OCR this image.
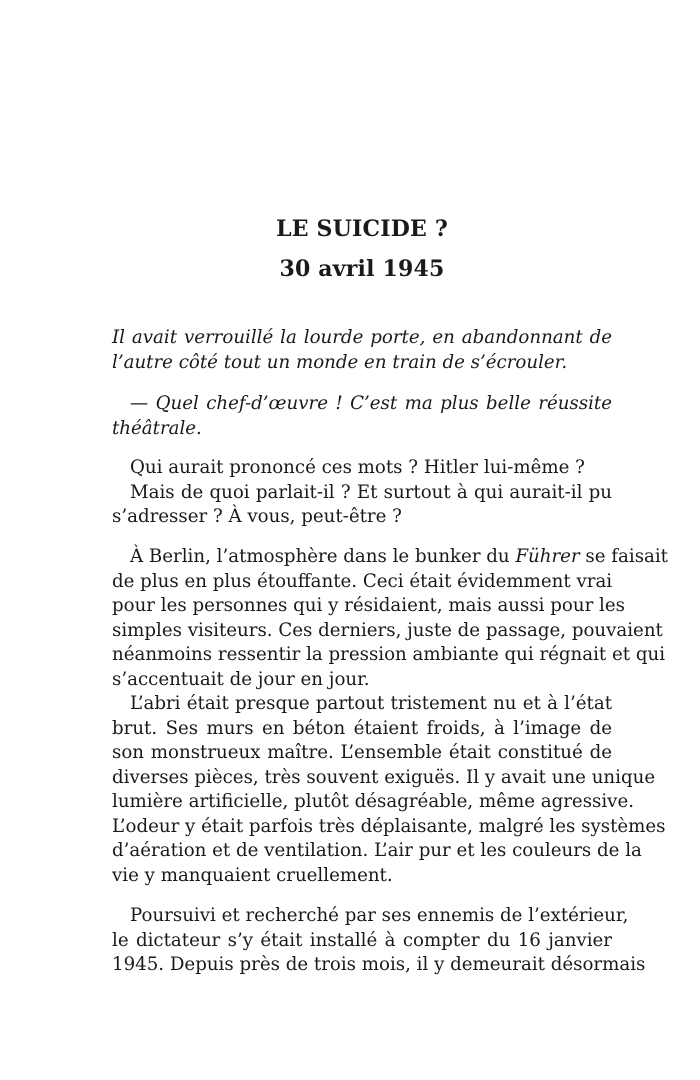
LE SUICIDE ?
30 avril 1945
Il avait verrouillé la lourde porte, en abandonnant de
l’autre côté tout un monde en train de s’écrouler.
— Quel chef-d’œuvre ! C’est ma plus belle réussite
théâtrale.
Qui aurait prononcé ces mots ? Hitler lui-même ?
Mais de quoi parlait-il ? Et surtout à qui aurait-il pu
s’adresser ? À vous, peut-être ?
À Berlin, l’atmosphère dans le bunker du Führer se faisait
de plus en plus étouffante. Ceci était évidemment vrai
pour les personnes qui y résidaient, mais aussi pour les
simples visiteurs. Ces derniers, juste de passage, pouvaient
néanmoins ressentir la pression ambiante qui régnait et qui
s’accentuait de jour en jour.
L’abri était presque partout tristement nu et à l’état
brut. Ses murs en béton étaient froids, à l’image de
son monstrueux maître. L’ensemble était constitué de
diverses pièces, très souvent exiguës. Il y avait une unique
lumière artificielle, plutôt désagréable, même agressive.
L’odeur y était parfois très déplaisante, malgré les systèmes
d’aération et de ventilation. L’air pur et les couleurs de la
vie y manquaient cruellement.
Poursuivi et recherché par ses ennemis de l’extérieur,
le dictateur s’y était installé à compter du 16 janvier
1945. Depuis près de trois mois, il y demeurait désormais
